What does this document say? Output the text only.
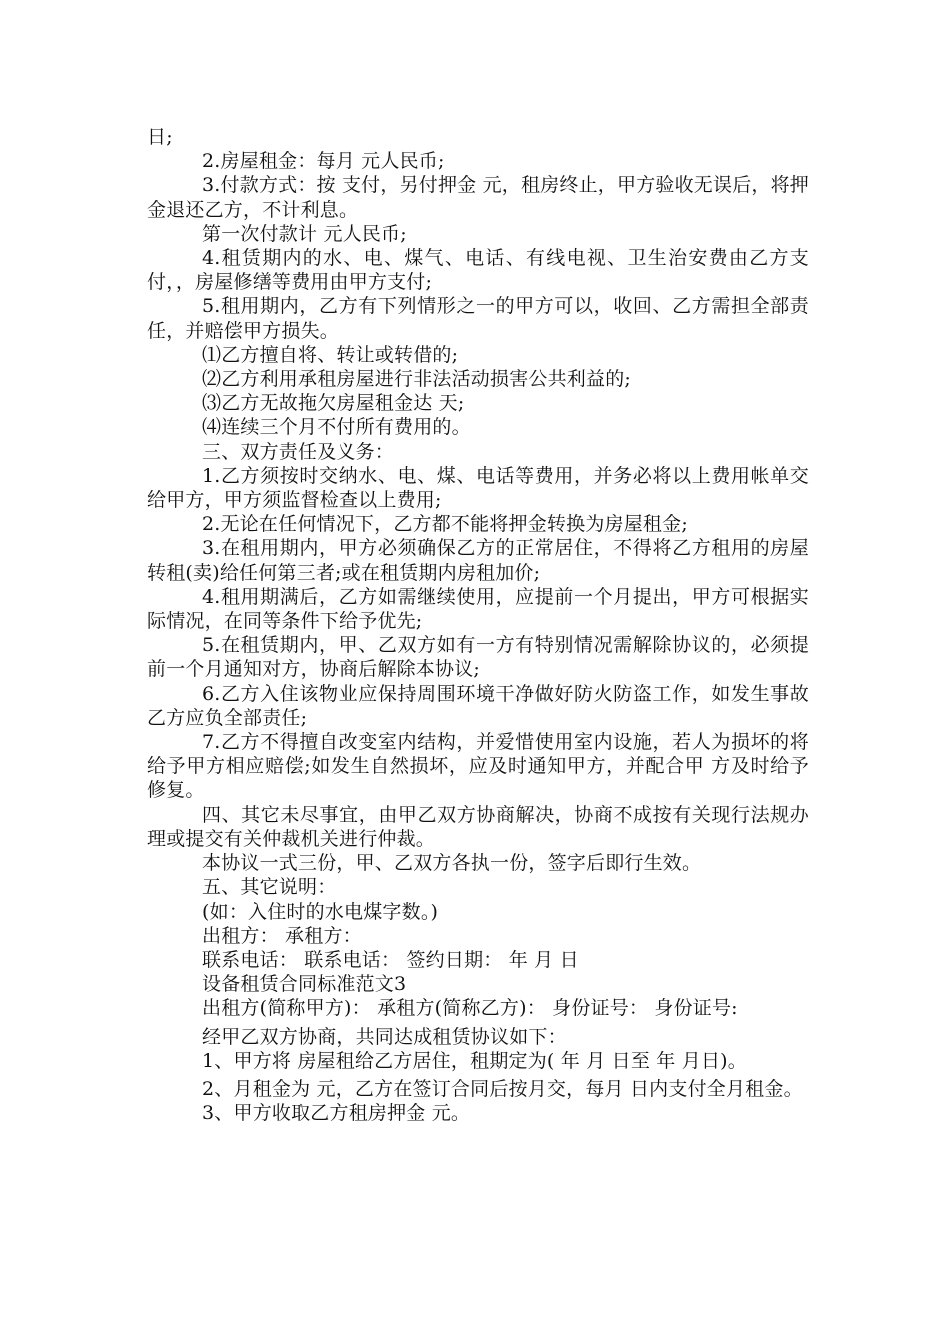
日;

2.房屋租金：每月 元人民币;

3.付款方式：按 支付，另付押金 元，租房终止，甲方验收无误后，将押金退还乙方，不计利息。

第一次付款计 元人民币;

4.租赁期内的水、电、煤气、电话、有线电视、卫生治安费由乙方支付，，房屋修缮等费用由甲方支付;

5.租用期内，乙方有下列情形之一的甲方可以，收回、乙方需担全部责任，并赔偿甲方损失。

⑴乙方擅自将、转让或转借的;

⑵乙方利用承租房屋进行非法活动损害公共利益的;

⑶乙方无故拖欠房屋租金达 天;

⑷连续三个月不付所有费用的。

三、双方责任及义务：

1.乙方须按时交纳水、电、煤、电话等费用，并务必将以上费用帐单交给甲方，甲方须监督检查以上费用;

2.无论在任何情况下，乙方都不能将押金转换为房屋租金;

3.在租用期内，甲方必须确保乙方的正常居住，不得将乙方租用的房屋转租(卖)给任何第三者;或在租赁期内房租加价;

4.租用期满后，乙方如需继续使用，应提前一个月提出，甲方可根据实际情况，在同等条件下给予优先;

5.在租赁期内，甲、乙双方如有一方有特别情况需解除协议的，必须提前一个月通知对方，协商后解除本协议;

6.乙方入住该物业应保持周围环境干净做好防火防盗工作，如发生事故乙方应负全部责任;

7.乙方不得擅自改变室内结构，并爱惜使用室内设施，若人为损坏的将给予甲方相应赔偿;如发生自然损坏，应及时通知甲方，并配合甲 方及时给予修复。

四、其它未尽事宜，由甲乙双方协商解决，协商不成按有关现行法规办理或提交有关仲裁机关进行仲裁。

本协议一式三份，甲、乙双方各执一份，签字后即行生效。

五、其它说明：

(如：入住时的水电煤字数。)

出租方： 承租方：

联系电话： 联系电话： 签约日期： 年 月 日

设备租赁合同标准范文3

出租方(简称甲方)： 承租方(简称乙方)： 身份证号： 身份证号:

经甲乙双方协商，共同达成租赁协议如下：

1、甲方将 房屋租给乙方居住，租期定为( 年 月 日至 年 月日)。

2、月租金为 元，乙方在签订合同后按月交，每月 日内支付全月租金。

3、甲方收取乙方租房押金 元。
